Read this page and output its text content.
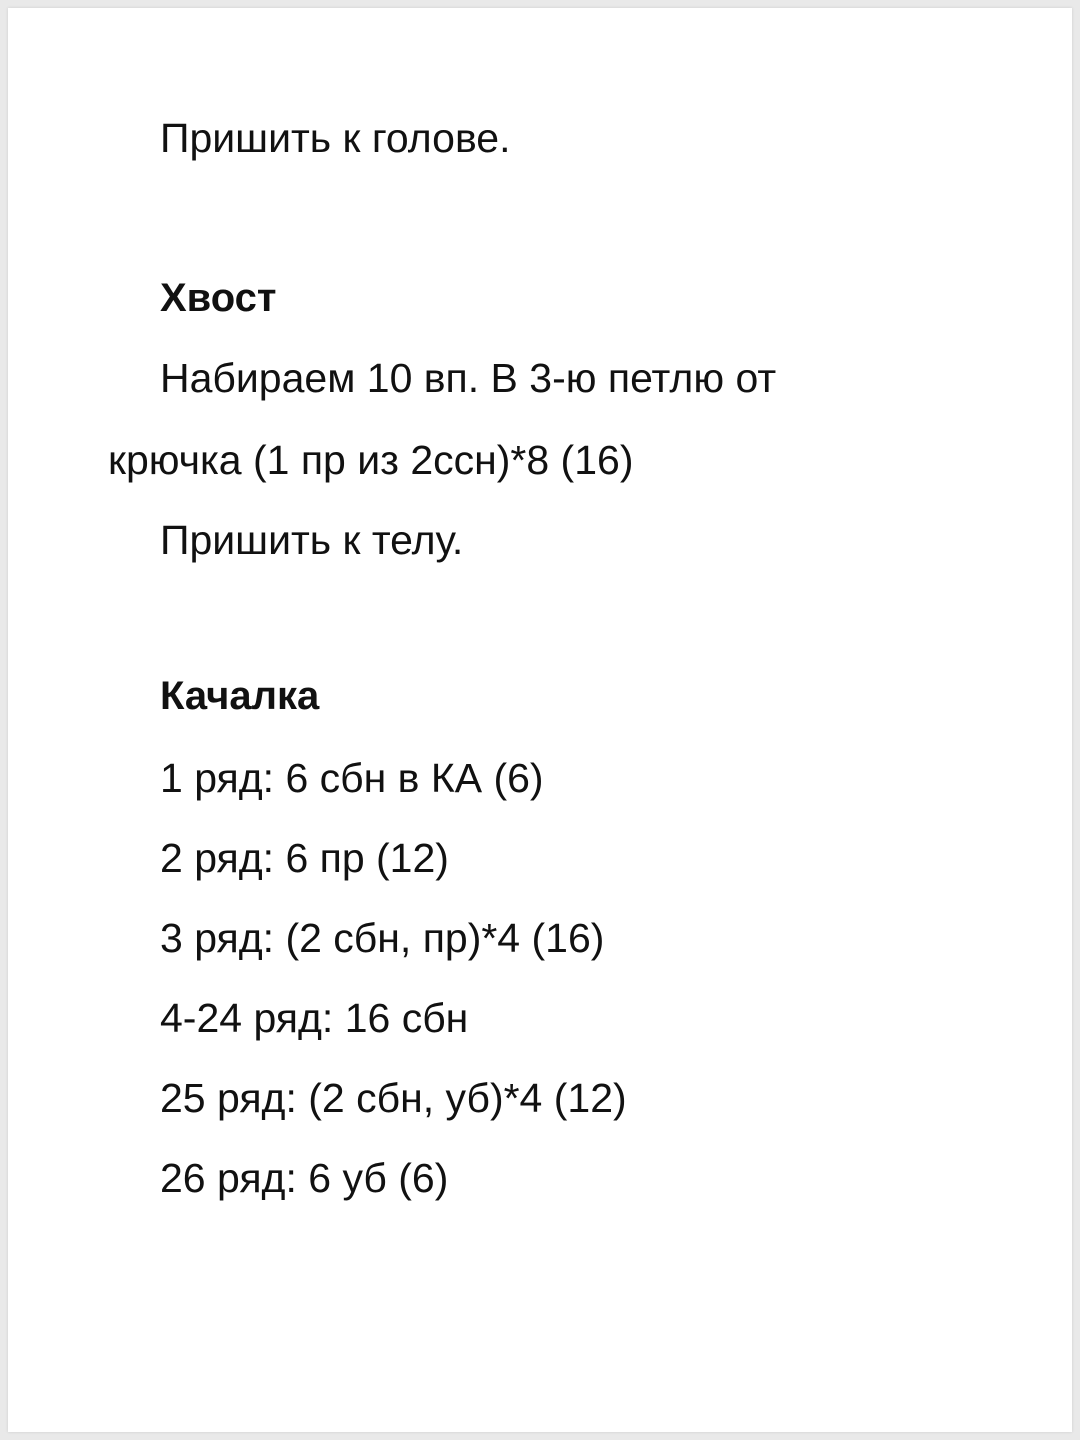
Пришить к голове.
Хвост
Набираем 10 вп. В 3-ю петлю от
крючка (1 пр из 2ссн)*8 (16)
Пришить к телу.
Качалка
1 ряд: 6 сбн в КА (6)
2 ряд: 6 пр (12)
3 ряд: (2 сбн, пр)*4 (16)
4-24 ряд: 16 сбн
25 ряд: (2 сбн, уб)*4 (12)
26 ряд: 6 уб (6)
